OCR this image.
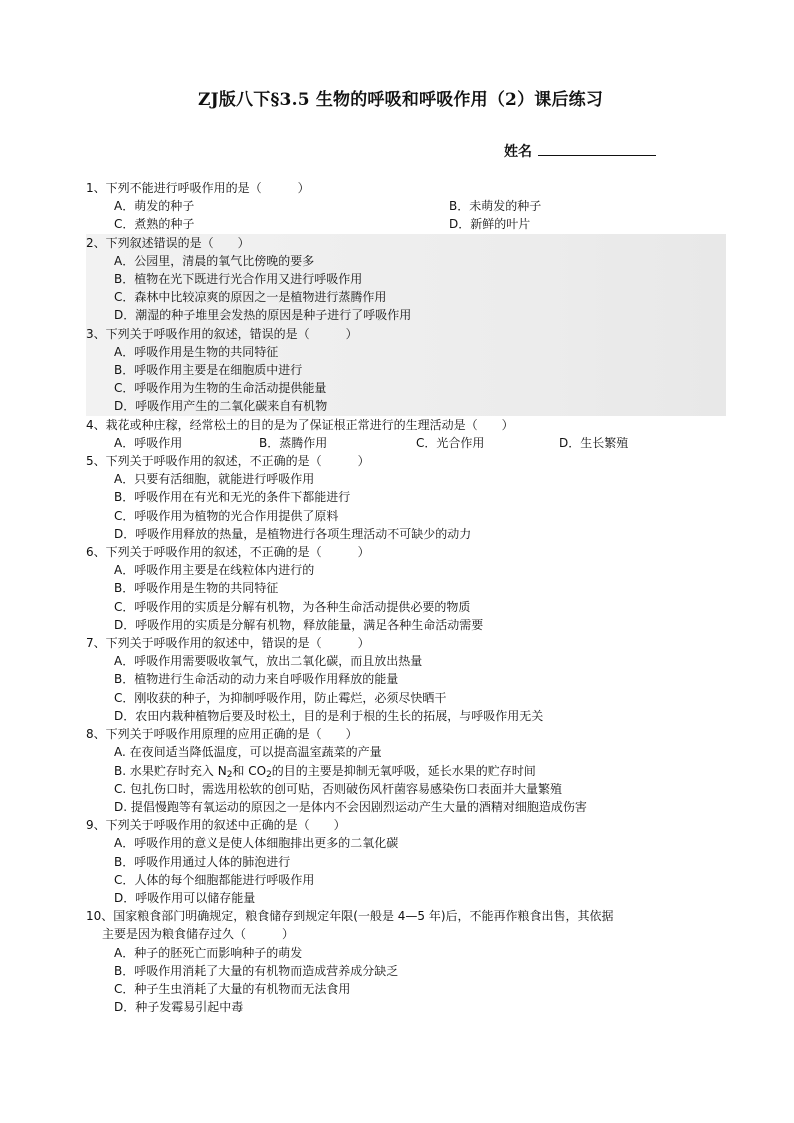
ZJ版八下§3.5 生物的呼吸和呼吸作用（2）课后练习
姓名
1、下列不能进行呼吸作用的是（　　　）
A．萌发的种子	B．未萌发的种子
C．煮熟的种子	D．新鲜的叶片
2、下列叙述错误的是（　　）
A．公园里，清晨的氧气比傍晚的要多
B．植物在光下既进行光合作用又进行呼吸作用
C．森林中比较凉爽的原因之一是植物进行蒸腾作用
D．潮湿的种子堆里会发热的原因是种子进行了呼吸作用
3、下列关于呼吸作用的叙述，错误的是（　　　）
A．呼吸作用是生物的共同特征
B．呼吸作用主要是在细胞质中进行
C．呼吸作用为生物的生命活动提供能量
D．呼吸作用产生的二氧化碳来自有机物
4、栽花或种庄稼，经常松土的目的是为了保证根正常进行的生理活动是（　　）
A．呼吸作用	B．蒸腾作用	C．光合作用	D．生长繁殖
5、下列关于呼吸作用的叙述，不正确的是（　　　）
A．只要有活细胞，就能进行呼吸作用
B．呼吸作用在有光和无光的条件下都能进行
C．呼吸作用为植物的光合作用提供了原料
D．呼吸作用释放的热量，是植物进行各项生理活动不可缺少的动力
6、下列关于呼吸作用的叙述，不正确的是（　　　）
A．呼吸作用主要是在线粒体内进行的
B．呼吸作用是生物的共同特征
C．呼吸作用的实质是分解有机物，为各种生命活动提供必要的物质
D．呼吸作用的实质是分解有机物，释放能量，满足各种生命活动需要
7、下列关于呼吸作用的叙述中，错误的是（　　　）
A．呼吸作用需要吸收氧气，放出二氧化碳，而且放出热量
B．植物进行生命活动的动力来自呼吸作用释放的能量
C．刚收获的种子，为抑制呼吸作用，防止霉烂，必须尽快晒干
D．农田内栽种植物后要及时松土，目的是利于根的生长的拓展，与呼吸作用无关
8、下列关于呼吸作用原理的应用正确的是（　　）
A. 在夜间适当降低温度，可以提高温室蔬菜的产量
B. 水果贮存时充入 $N_2$和 $CO_2$的目的主要是抑制无氧呼吸，延长水果的贮存时间
C. 包扎伤口时，需选用松软的创可贴，否则破伤风杆菌容易感染伤口表面并大量繁殖
D. 提倡慢跑等有氧运动的原因之一是体内不会因剧烈运动产生大量的酒精对细胞造成伤害
9、下列关于呼吸作用的叙述中正确的是（　　）
A．呼吸作用的意义是使人体细胞排出更多的二氧化碳
B．呼吸作用通过人体的肺泡进行
C．人体的每个细胞都能进行呼吸作用
D．呼吸作用可以储存能量
10、国家粮食部门明确规定，粮食储存到规定年限(一般是 4—5 年)后，不能再作粮食出售，其依据
主要是因为粮食储存过久（　　　）
A．种子的胚死亡而影响种子的萌发
B．呼吸作用消耗了大量的有机物而造成营养成分缺乏
C．种子生虫消耗了大量的有机物而无法食用
D．种子发霉易引起中毒
